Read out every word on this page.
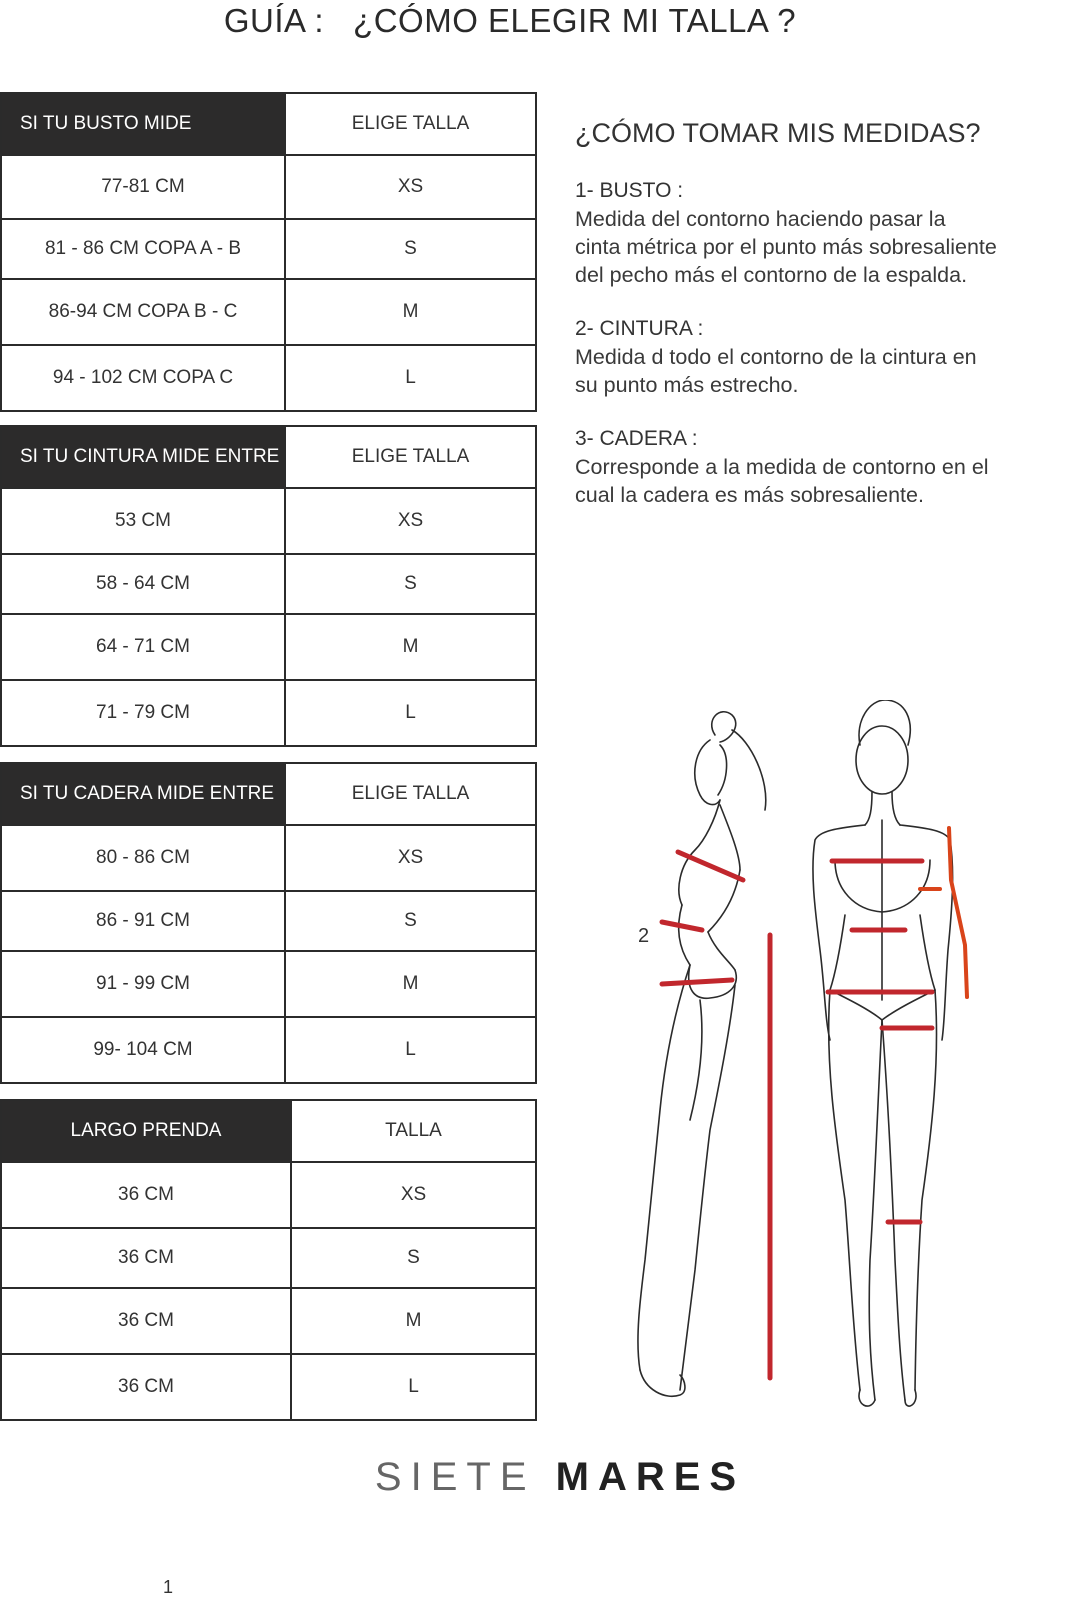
GUÍA :   ¿CÓMO ELEGIR MI TALLA ?
SI TU BUSTO MIDE	ELIGE TALLA
77-81 CM	XS
81 - 86 CM COPA A - B	S
86-94 CM COPA B - C	M
94 - 102 CM COPA C	L
SI TU CINTURA MIDE ENTRE	ELIGE TALLA
53 CM	XS
58 - 64 CM	S
64 - 71 CM	M
71 - 79 CM	L
SI TU CADERA MIDE ENTRE	ELIGE TALLA
80 - 86 CM	XS
86 - 91 CM	S
91 - 99 CM	M
99- 104 CM	L
LARGO PRENDA	TALLA
36 CM	XS
36 CM	S
36 CM	M
36 CM	L
¿CÓMO TOMAR MIS MEDIDAS?
1- BUSTO :
Medida del contorno haciendo pasar la
cinta métrica por el punto más sobresaliente
del pecho más el contorno de la espalda.
2- CINTURA :
Medida d todo el contorno de la cintura en
su punto más estrecho.
3- CADERA :
Corresponde a la medida de contorno en el
cual la cadera es más sobresaliente.
2
SIETE MARES
1
